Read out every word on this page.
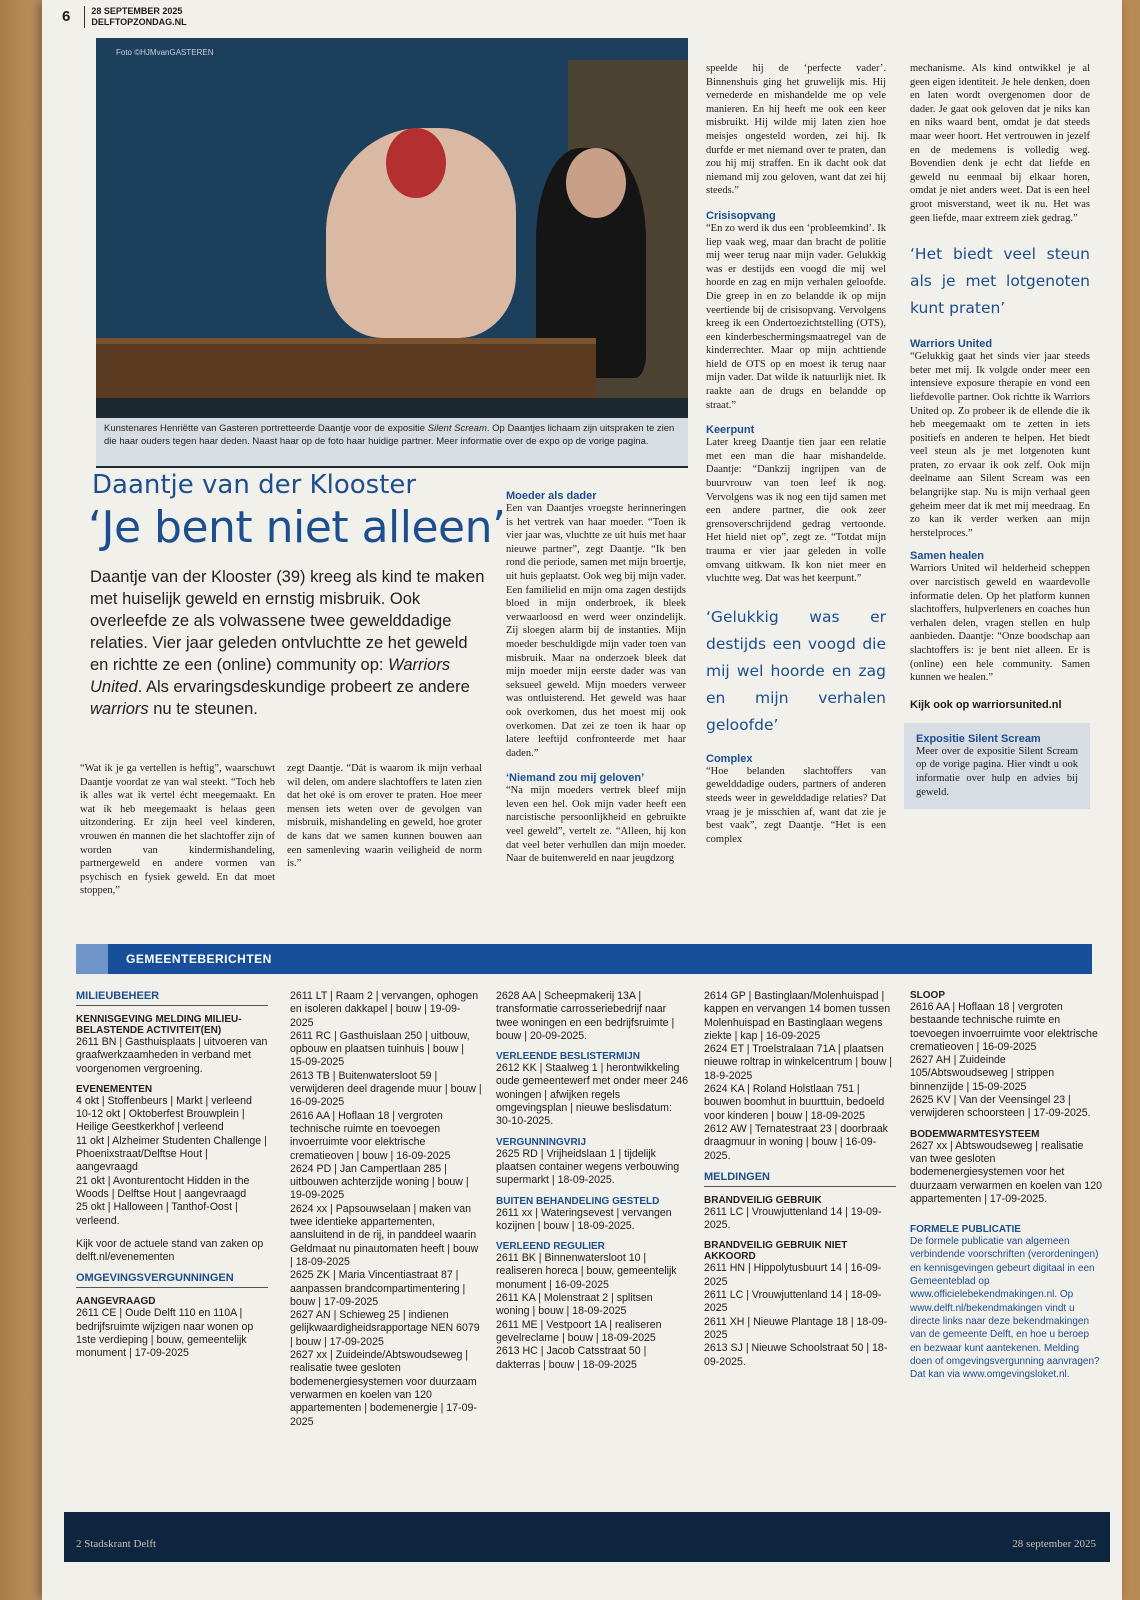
6	28 SEPTEMBER 2025
DELFTOPZONDAG.NL
Foto ©HJMvanGASTEREN
Kunstenares Henriëtte van Gasteren portretteerde Daantje voor de expositie Silent Scream. Op Daantjes lichaam zijn uitspraken te zien die haar ouders tegen haar deden. Naast haar op de foto haar huidige partner. Meer informatie over de expo op de vorige pagina.
Daantje van der Klooster
‘Je bent niet alleen’
Daantje van der Klooster (39) kreeg als kind te maken met huiselijk geweld en ernstig misbruik. Ook overleefde ze als volwassene twee gewelddadige relaties. Vier jaar geleden ontvluchtte ze het geweld en richtte ze een (online) community op: Warriors United. Als ervaringsdeskundige probeert ze andere warriors nu te steunen.
“Wat ik je ga vertellen is heftig”, waarschuwt Daantje voordat ze van wal steekt. “Toch heb ik alles wat ik vertel écht meegemaakt. En wat ik heb meegemaakt is helaas geen uitzondering. Er zijn heel veel kinderen, vrouwen én mannen die het slachtoffer zijn of worden van kindermishandeling, partnergeweld en andere vormen van psychisch en fysiek geweld. En dat moet stoppen,”
zegt Daantje. “Dát is waarom ik mijn verhaal wil delen, om andere slachtoffers te laten zien dat het oké is om erover te praten. Hoe meer mensen iets weten over de gevolgen van misbruik, mishandeling en geweld, hoe groter de kans dat we samen kunnen bouwen aan een samenleving waarin veiligheid de norm is.”
Moeder als dader
Een van Daantjes vroegste herinneringen is het vertrek van haar moeder. “Toen ik vier jaar was, vluchtte ze uit huis met haar nieuwe partner”, zegt Daantje. “Ik ben rond die periode, samen met mijn broertje, uit huis geplaatst. Ook weg bij mijn vader. Een familielid en mijn oma zagen destijds bloed in mijn onderbroek, ik bleek verwaarloosd en werd weer onzindelijk. Zij sloegen alarm bij de instanties. Mijn moeder beschuldigde mijn vader toen van misbruik. Maar na onderzoek bleek dat mijn moeder mijn eerste dader was van seksueel geweld. Mijn moeders verweer was ontluisterend. Het geweld was haar ook overkomen, dus het moest mij ook overkomen. Dat zei ze toen ik haar op latere leeftijd confronteerde met haar daden.”
‘Niemand zou mij geloven’
“Na mijn moeders vertrek bleef mijn leven een hel. Ook mijn vader heeft een narcistische persoonlijkheid en gebruikte veel geweld”, vertelt ze. “Alleen, hij kon dat veel beter verhullen dan mijn moeder. Naar de buitenwereld en naar jeugdzorg
speelde hij de ‘perfecte vader’. Binnenshuis ging het gruwelijk mis. Hij vernederde en mishandelde me op vele manieren. En hij heeft me ook een keer misbruikt. Hij wilde mij laten zien hoe meisjes ongesteld worden, zei hij. Ik durfde er met niemand over te praten, dan zou hij mij straffen. En ik dacht ook dat niemand mij zou geloven, want dat zei hij steeds.”
Crisisopvang
“En zo werd ik dus een ‘probleemkind’. Ik liep vaak weg, maar dan bracht de politie mij weer terug naar mijn vader. Gelukkig was er destijds een voogd die mij wel hoorde en zag en mijn verhalen geloofde. Die greep in en zo belandde ik op mijn veertiende bij de crisisopvang. Vervolgens kreeg ik een Ondertoezichtstelling (OTS), een kinderbeschermingsmaatregel van de kinderrechter. Maar op mijn achttiende hield de OTS op en moest ik terug naar mijn vader. Dat wilde ik natuurlijk niet. Ik raakte aan de drugs en belandde op straat.”
Keerpunt
Later kreeg Daantje tien jaar een relatie met een man die haar mishandelde. Daantje: “Dankzij ingrijpen van de buurvrouw van toen leef ik nog. Vervolgens was ik nog een tijd samen met een andere partner, die ook zeer grensoverschrijdend gedrag vertoonde. Het hield niet op”, zegt ze. “Totdat mijn trauma er vier jaar geleden in volle omvang uitkwam. Ik kon niet meer en vluchtte weg. Dat was het keerpunt.”
‘Gelukkig was er destijds een voogd die mij wel hoorde en zag en mijn verhalen geloofde’
Complex
“Hoe belanden slachtoffers van gewelddadige ouders, partners of anderen steeds weer in gewelddadige relaties? Dat vraag je je misschien af, want dat zie je best vaak”, zegt Daantje. “Het is een complex
mechanisme. Als kind ontwikkel je al geen eigen identiteit. Je hele denken, doen en laten wordt overgenomen door de dader. Je gaat ook geloven dat je niks kan en niks waard bent, omdat je dat steeds maar weer hoort. Het vertrouwen in jezelf en de medemens is volledig weg. Bovendien denk je echt dat liefde en geweld nu eenmaal bij elkaar horen, omdat je niet anders weet. Dat is een heel groot misverstand, weet ik nu. Het was geen liefde, maar extreem ziek gedrag.”
‘Het biedt veel steun als je met lotgenoten kunt praten’
Warriors United
“Gelukkig gaat het sinds vier jaar steeds beter met mij. Ik volgde onder meer een intensieve exposure therapie en vond een liefdevolle partner. Ook richtte ik Warriors United op. Zo probeer ik de ellende die ik heb meegemaakt om te zetten in iets positiefs en anderen te helpen. Het biedt veel steun als je met lotgenoten kunt praten, zo ervaar ik ook zelf. Ook mijn deelname aan Silent Scream was een belangrijke stap. Nu is mijn verhaal geen geheim meer dat ik met mij meedraag. En zo kan ik verder werken aan mijn herstelproces.”
Samen healen
Warriors United wil helderheid scheppen over narcistisch geweld en waardevolle informatie delen. Op het platform kunnen slachtoffers, hulpverleners en coaches hun verhalen delen, vragen stellen en hulp aanbieden. Daantje: “Onze boodschap aan slachtoffers is: je bent niet alleen. Er is (online) een hele community. Samen kunnen we healen.”
Kijk ook op warriorsunited.nl
Expositie Silent Scream
Meer over de expositie Silent Scream op de vorige pagina. Hier vindt u ook informatie over hulp en advies bij geweld.
GEMEENTEBERICHTEN
MILIEUBEHEER
KENNISGEVING MELDING MILIEU-BELASTENDE ACTIVITEIT(EN)
2611 BN | Gasthuisplaats | uitvoeren van graafwerkzaamheden in verband met voorgenomen vergroening.
EVENEMENTEN
4 okt | Stoffenbeurs | Markt | verleend
10-12 okt | Oktoberfest Brouwplein | Heilige Geestkerkhof | verleend
11 okt | Alzheimer Studenten Challenge | Phoenixstraat/Delftse Hout | aangevraagd
21 okt | Avonturentocht Hidden in the Woods | Delftse Hout | aangevraagd
25 okt | Halloween | Tanthof-Oost | verleend.
Kijk voor de actuele stand van zaken op delft.nl/evenementen
OMGEVINGSVERGUNNINGEN
AANGEVRAAGD
2611 CE | Oude Delft 110 en 110A | bedrijfsruimte wijzigen naar wonen op 1ste verdieping | bouw, gemeentelijk monument | 17-09-2025
2611 LT | Raam 2 | vervangen, ophogen en isoleren dakkapel | bouw | 19-09-2025
2611 RC | Gasthuislaan 250 | uitbouw, opbouw en plaatsen tuinhuis | bouw | 15-09-2025
2613 TB | Buitenwatersloot 59 | verwijderen deel dragende muur | bouw | 16-09-2025
2616 AA | Hoflaan 18 | vergroten technische ruimte en toevoegen invoerruimte voor elektrische crematieoven | bouw | 16-09-2025
2624 PD | Jan Campertlaan 285 | uitbouwen achterzijde woning | bouw | 19-09-2025
2624 xx | Papsouwselaan | maken van twee identieke appartementen, aansluitend in de rij, in panddeel waarin Geldmaat nu pinautomaten heeft | bouw | 18-09-2025
2625 ZK | Maria Vincentiastraat 87 | aanpassen brandcompartimentering | bouw | 17-09-2025
2627 AN | Schieweg 25 | indienen gelijkwaardigheidsrapportage NEN 6079 | bouw | 17-09-2025
2627 xx | Zuideinde/Abtswoudseweg | realisatie twee gesloten bodemenergiesystemen voor duurzaam verwarmen en koelen van 120 appartementen | bodemenergie | 17-09-2025
2628 AA | Scheepmakerij 13A | transformatie carrosseriebedrijf naar twee woningen en een bedrijfsruimte | bouw | 20-09-2025.
VERLEENDE BESLISTERMIJN
2612 KK | Staalweg 1 | herontwikkeling oude gemeentewerf met onder meer 246 woningen | afwijken regels omgevingsplan | nieuwe beslisdatum: 30-10-2025.
VERGUNNINGVRIJ
2625 RD | Vrijheidslaan 1 | tijdelijk plaatsen container wegens verbouwing supermarkt | 18-09-2025.
BUITEN BEHANDELING GESTELD
2611 xx | Wateringsevest | vervangen kozijnen | bouw | 18-09-2025.
VERLEEND REGULIER
2611 BK | Binnenwatersloot 10 | realiseren horeca | bouw, gemeentelijk monument | 16-09-2025
2611 KA | Molenstraat 2 | splitsen woning | bouw | 18-09-2025
2611 ME | Vestpoort 1A | realiseren gevelreclame | bouw | 18-09-2025
2613 HC | Jacob Catsstraat 50 | dakterras | bouw | 18-09-2025
2614 GP | Bastinglaan/Molenhuispad | kappen en vervangen 14 bomen tussen Molenhuispad en Bastinglaan wegens ziekte | kap | 16-09-2025
2624 ET | Troelstralaan 71A | plaatsen nieuwe roltrap in winkelcentrum | bouw | 18-9-2025
2624 KA | Roland Holstlaan 751 | bouwen boomhut in buurttuin, bedoeld voor kinderen | bouw | 18-09-2025
2612 AW | Ternatestraat 23 | doorbraak draagmuur in woning | bouw | 16-09-2025.
MELDINGEN
BRANDVEILIG GEBRUIK
2611 LC | Vrouwjuttenland 14 | 19-09-2025.
BRANDVEILIG GEBRUIK NIET AKKOORD
2611 HN | Hippolytusbuurt 14 | 16-09-2025
2611 LC | Vrouwjuttenland 14 | 18-09-2025
2611 XH | Nieuwe Plantage 18 | 18-09-2025
2613 SJ | Nieuwe Schoolstraat 50 | 18-09-2025.
SLOOP
2616 AA | Hoflaan 18 | vergroten bestaande technische ruimte en toevoegen invoerruimte voor elektrische crematieoven | 16-09-2025
2627 AH | Zuideinde 105/Abtswoudseweg | strippen binnenzijde | 15-09-2025
2625 KV | Van der Veensingel 23 | verwijderen schoorsteen | 17-09-2025.
BODEMWARMTESYSTEEM
2627 xx | Abtswoudseweg | realisatie van twee gesloten bodemenergiesystemen voor het duurzaam verwarmen en koelen van 120 appartementen | 17-09-2025.
FORMELE PUBLICATIE
De formele publicatie van algemeen verbindende voorschriften (verordeningen) en kennisgevingen gebeurt digitaal in een Gemeenteblad op www.officielebekendmakingen.nl. Op www.delft.nl/bekendmakingen vindt u directe links naar deze bekendmakingen van de gemeente Delft, en hoe u beroep en bezwaar kunt aantekenen. Melding doen of omgevingsvergunning aanvragen? Dat kan via www.omgevingsloket.nl.
2 Stadskrant Delft	28 september 2025
